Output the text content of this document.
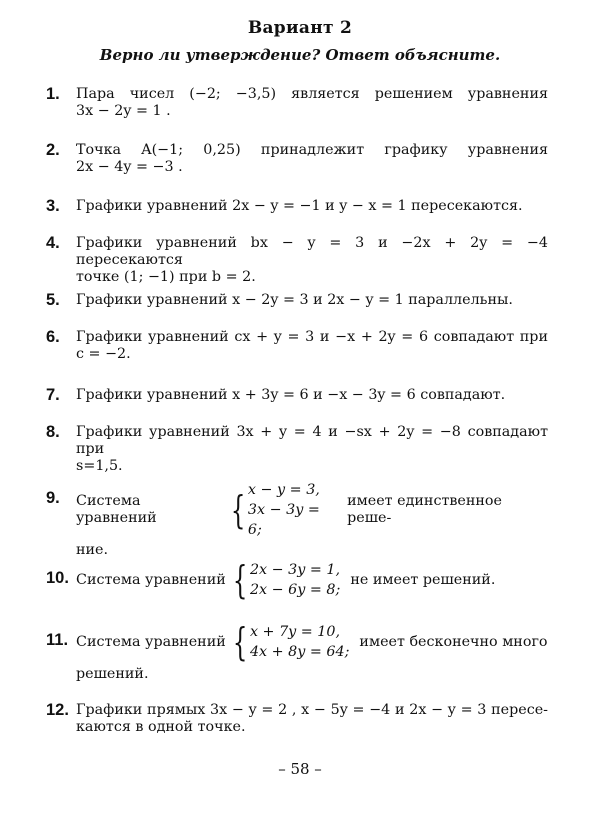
Вариант 2
Верно ли утверждение? Ответ объясните.
1. Пара чисел (−2; −3,5) является решением уравнения
3x − 2y = 1 .
2. Точка A(−1; 0,25) принадлежит графику уравнения
2x − 4y = −3 .
3. Графики уравнений 2x − y = −1 и y − x = 1 пересекаются.
4. Графики уравнений bx − y = 3 и −2x + 2y = −4 пересекаются
точке (1; −1) при b = 2.
5. Графики уравнений x − 2y = 3 и 2x − y = 1 параллельны.
6. Графики уравнений cx + y = 3 и −x + 2y = 6 совпадают при
c = −2.
7. Графики уравнений x + 3y = 6 и −x − 3y = 6 совпадают.
8. Графики уравнений 3x + y = 4 и −sx + 2y = −8 совпадают при
s=1,5.
9. Система уравнений	{ x − y = 3,
3x − 3y = 6;
имеет единственное реше-
ние.
10. Система уравнений { 2x − 3y = 1,
2x − 6y = 8;
не имеет решений.
11. Система уравнений { x + 7y = 10,
4x + 8y = 64;
имеет бесконечно много
решений.
12. Графики прямых 3x − y = 2 , x − 5y = −4 и 2x − y = 3 пересе-
каются в одной точке.
– 58 –
